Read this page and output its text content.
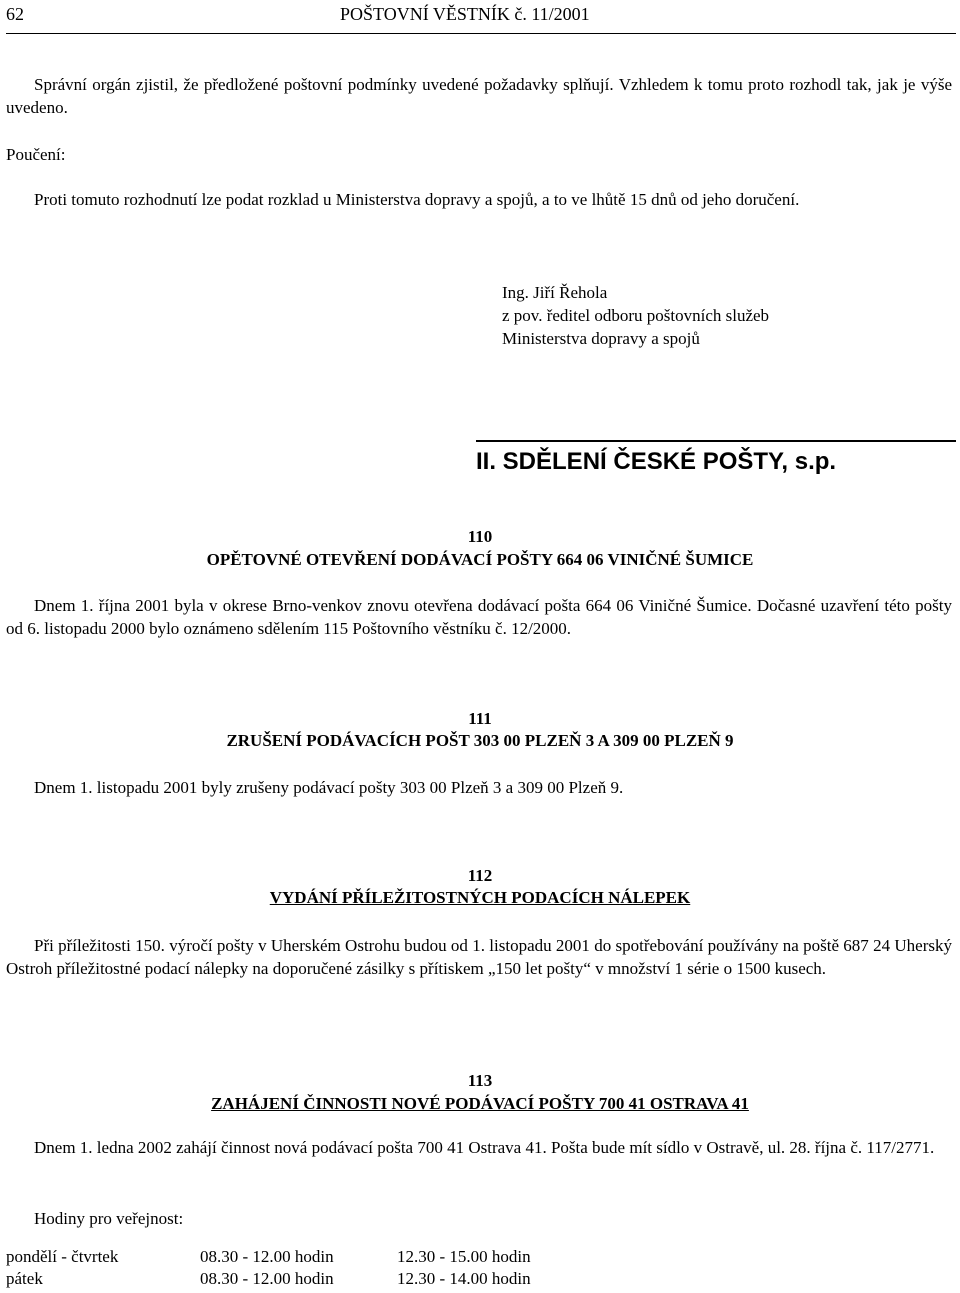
62	POŠTOVNÍ VĚSTNÍK č. 11/2001
Správní orgán zjistil, že předložené poštovní podmínky uvedené požadavky splňují. Vzhledem k tomu proto rozhodl tak, jak je výše uvedeno.
Poučení:
Proti tomuto rozhodnutí lze podat rozklad u Ministerstva dopravy a spojů, a to ve lhůtě 15 dnů od jeho doručení.
Ing. Jiří Řehola
z pov. ředitel odboru poštovních služeb
Ministerstva dopravy a spojů
II. SDĚLENÍ ČESKÉ POŠTY, s.p.
110
OPĚTOVNÉ OTEVŘENÍ DODÁVACÍ POŠTY 664 06 VINIČNÉ ŠUMICE
Dnem 1. října 2001 byla v okrese Brno-venkov znovu otevřena dodávací pošta 664 06 Viničné Šumice. Dočasné uzavření této pošty od 6. listopadu 2000 bylo oznámeno sdělením 115 Poštovního věstníku č. 12/2000.
111
ZRUŠENÍ PODÁVACÍCH POŠT 303 00 PLZEŇ 3 A 309 00 PLZEŇ 9
Dnem 1. listopadu 2001 byly zrušeny podávací pošty 303 00 Plzeň 3 a 309 00 Plzeň 9.
112
VYDÁNÍ PŘÍLEŽITOSTNÝCH PODACÍCH NÁLEPEK
Při příležitosti 150. výročí pošty v Uherském Ostrohu budou od 1. listopadu 2001 do spotřebování používány na poště 687 24 Uherský Ostroh příležitostné podací nálepky na doporučené zásilky s přítiskem „150 let pošty“ v množství 1 série o 1500 kusech.
113
ZAHÁJENÍ ČINNOSTI NOVÉ PODÁVACÍ POŠTY 700 41 OSTRAVA 41
Dnem 1. ledna 2002 zahájí činnost nová podávací pošta 700 41 Ostrava 41. Pošta bude mít sídlo v Ostravě, ul. 28. října č. 117/2771.
Hodiny pro veřejnost:
pondělí - čtvrtek	08.30 - 12.00 hodin	12.30 - 15.00 hodin
pátek	08.30 - 12.00 hodin	12.30 - 14.00 hodin
